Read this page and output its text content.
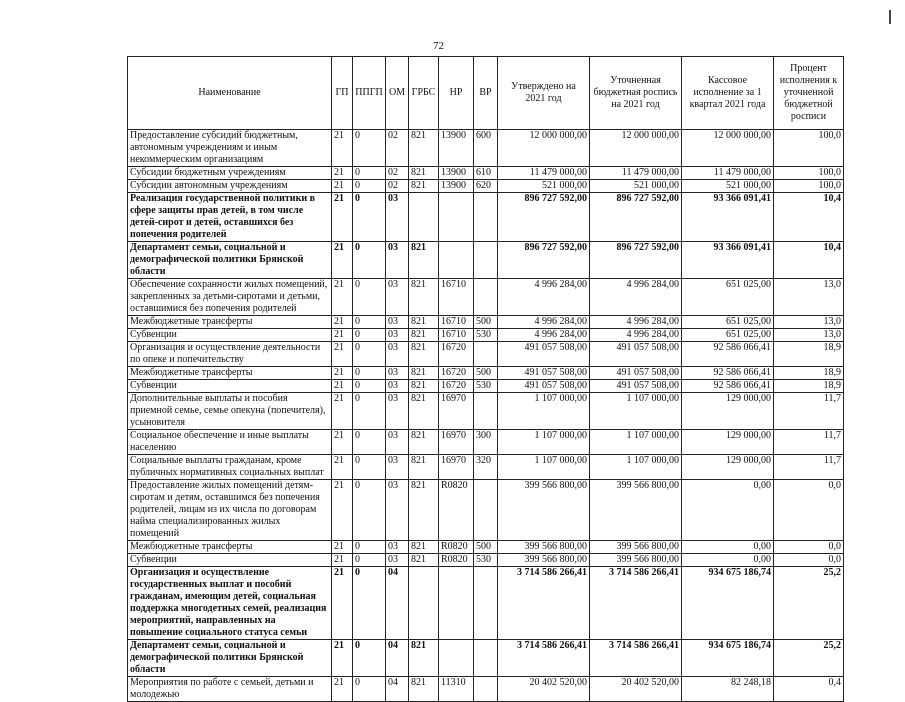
72
Наименование	ГП	ППГП	ОМ	ГРБС	НР	ВР	Утверждено на 2021 год	Уточненная бюджетная роспись на 2021 год	Кассовое исполнение за 1 квартал 2021 года	Процент исполнения к уточненной бюджетной росписи
Предоставление субсидий бюджетным, автономным учреждениям и иным некоммерческим организациям	21	0	02	821	13900	600	12 000 000,00	12 000 000,00	12 000 000,00	100,0
Субсидии бюджетным учреждениям	21	0	02	821	13900	610	11 479 000,00	11 479 000,00	11 479 000,00	100,0
Субсидии автономным учреждениям	21	0	02	821	13900	620	521 000,00	521 000,00	521 000,00	100,0
Реализация государственной политики в сфере защиты прав детей, в том числе детей-сирот и детей, оставшихся без попечения родителей	21	0	03				896 727 592,00	896 727 592,00	93 366 091,41	10,4
Департамент семьи, социальной и демографической политики Брянской области	21	0	03	821			896 727 592,00	896 727 592,00	93 366 091,41	10,4
Обеспечение сохранности жилых помещений, закрепленных за детьми-сиротами и детьми, оставшимися без попечения родителей	21	0	03	821	16710		4 996 284,00	4 996 284,00	651 025,00	13,0
Межбюджетные трансферты	21	0	03	821	16710	500	4 996 284,00	4 996 284,00	651 025,00	13,0
Субвенции	21	0	03	821	16710	530	4 996 284,00	4 996 284,00	651 025,00	13,0
Организация и осуществление деятельности по опеке и попечительству	21	0	03	821	16720		491 057 508,00	491 057 508,00	92 586 066,41	18,9
Межбюджетные трансферты	21	0	03	821	16720	500	491 057 508,00	491 057 508,00	92 586 066,41	18,9
Субвенции	21	0	03	821	16720	530	491 057 508,00	491 057 508,00	92 586 066,41	18,9
Дополнительные выплаты и пособия приемной семье, семье опекуна (попечителя), усыновителя	21	0	03	821	16970		1 107 000,00	1 107 000,00	129 000,00	11,7
Социальное обеспечение и иные выплаты населению	21	0	03	821	16970	300	1 107 000,00	1 107 000,00	129 000,00	11,7
Социальные выплаты гражданам, кроме публичных нормативных социальных выплат	21	0	03	821	16970	320	1 107 000,00	1 107 000,00	129 000,00	11,7
Предоставление жилых помещений детям-сиротам и детям, оставшимся без попечения родителей, лицам из их числа по договорам найма специализированных жилых помещений	21	0	03	821	R0820		399 566 800,00	399 566 800,00	0,00	0,0
Межбюджетные трансферты	21	0	03	821	R0820	500	399 566 800,00	399 566 800,00	0,00	0,0
Субвенции	21	0	03	821	R0820	530	399 566 800,00	399 566 800,00	0,00	0,0
Организация и осуществление государственных выплат и пособий гражданам, имеющим детей, социальная поддержка многодетных семей, реализация мероприятий, направленных на повышение социального статуса семьи	21	0	04				3 714 586 266,41	3 714 586 266,41	934 675 186,74	25,2
Департамент семьи, социальной и демографической политики Брянской области	21	0	04	821			3 714 586 266,41	3 714 586 266,41	934 675 186,74	25,2
Мероприятия по работе с семьей, детьми и молодежью	21	0	04	821	11310		20 402 520,00	20 402 520,00	82 248,18	0,4
